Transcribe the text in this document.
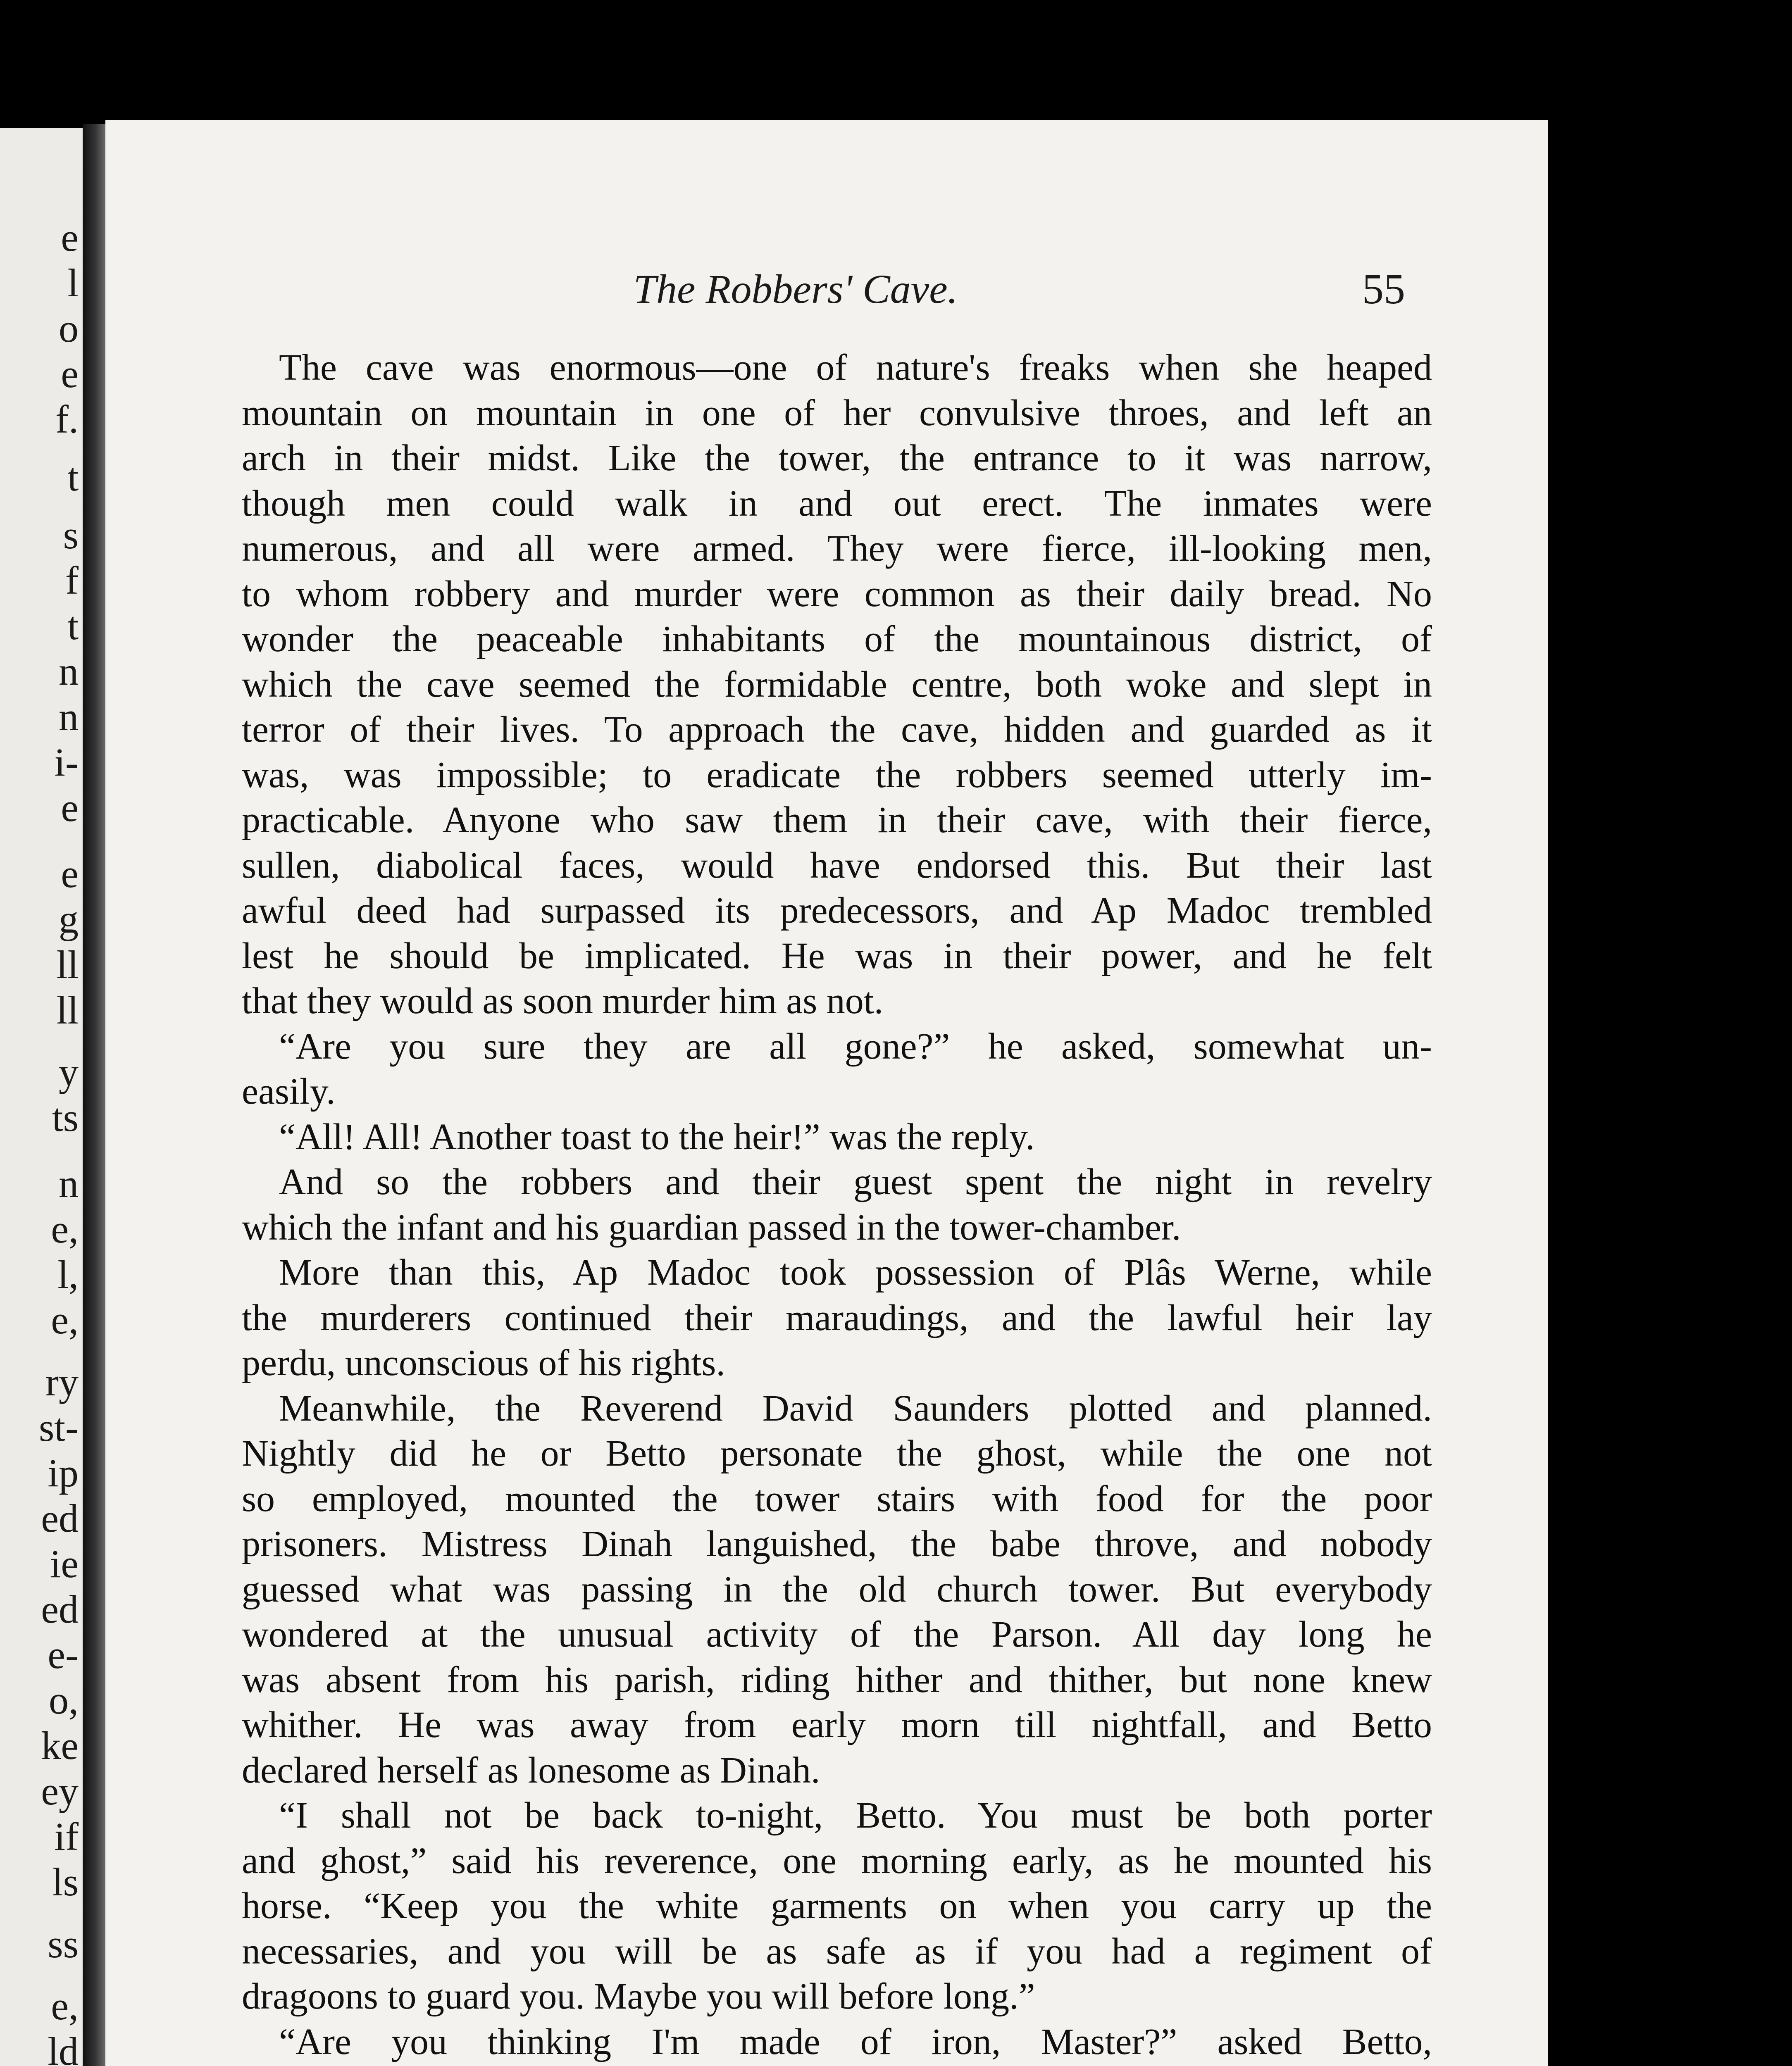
e
l
o
e
f.
t
s
f
t
n
n
i-
e
e
g
ll
ll
y
ts
n
e,
l,
e,
ry
st-
ip
ed
ie
ed
e-
o,
ke
ey
if
ls
ss
e,
ld
The Robbers' Cave.	55
The cave was enormous—one of nature's freaks when she heaped
mountain on mountain in one of her convulsive throes, and left an
arch in their midst. Like the tower, the entrance to it was narrow,
though men could walk in and out erect. The inmates were
numerous, and all were armed. They were fierce, ill-looking men,
to whom robbery and murder were common as their daily bread. No
wonder the peaceable inhabitants of the mountainous district, of
which the cave seemed the formidable centre, both woke and slept in
terror of their lives. To approach the cave, hidden and guarded as it
was, was impossible; to eradicate the robbers seemed utterly im-
practicable. Anyone who saw them in their cave, with their fierce,
sullen, diabolical faces, would have endorsed this. But their last
awful deed had surpassed its predecessors, and Ap Madoc trembled
lest he should be implicated. He was in their power, and he felt
that they would as soon murder him as not.
“Are you sure they are all gone?” he asked, somewhat un-
easily.
“All! All! Another toast to the heir!” was the reply.
And so the robbers and their guest spent the night in revelry
which the infant and his guardian passed in the tower-chamber.
More than this, Ap Madoc took possession of Plâs Werne, while
the murderers continued their maraudings, and the lawful heir lay
perdu, unconscious of his rights.
Meanwhile, the Reverend David Saunders plotted and planned.
Nightly did he or Betto personate the ghost, while the one not
so employed, mounted the tower stairs with food for the poor
prisoners. Mistress Dinah languished, the babe throve, and nobody
guessed what was passing in the old church tower. But everybody
wondered at the unusual activity of the Parson. All day long he
was absent from his parish, riding hither and thither, but none knew
whither. He was away from early morn till nightfall, and Betto
declared herself as lonesome as Dinah.
“I shall not be back to-night, Betto. You must be both porter
and ghost,” said his reverence, one morning early, as he mounted his
horse. “Keep you the white garments on when you carry up the
necessaries, and you will be as safe as if you had a regiment of
dragoons to guard you. Maybe you will before long.”
“Are you thinking I'm made of iron, Master?” asked Betto,
